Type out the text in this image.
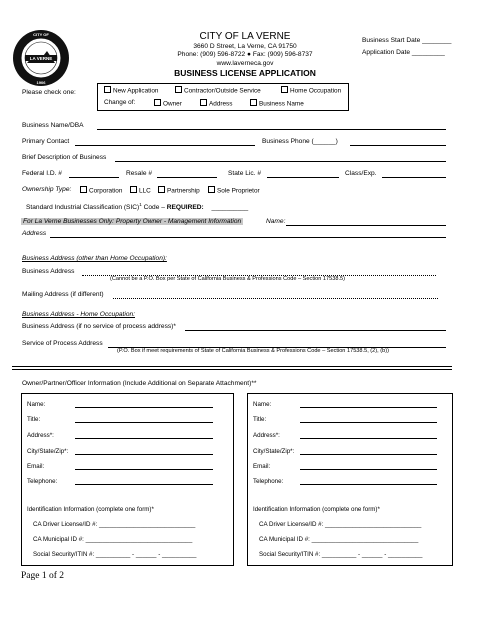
LA VERNE
CITY OF
1906
CITY OF LA VERNE
3660 D Street, La Verne, CA 91750
Phone: (909) 596-8722 ● Fax: (909) 596-8737
www.lavernecа.gov
BUSINESS LICENSE APPLICATION
Business Start Date ________
Application Date _________
Please check one:	New Application	Contractor/Outside Service	Home Occupation
Change of:	Owner	Address	Business Name
Business Name/DBA
Primary Contact	Business Phone (______)
Brief Description of Business
Federal I.D. #	Resale #	State Lic. #	Class/Exp.
Ownership Type:	Corporation	LLC	Partnership	Sole Proprietor
Standard Industrial Classification (SIC)$^1$ Code – REQUIRED: __________
For La Verne Businesses Only: Property Owner - Management Information	Name:
Address
Business Address (other than Home Occupation):
Business Address
(Cannot be a P.O. Box per State of California Business & Professions Code – Section 17538.5)
Mailing Address (if different)
Business Address - Home Occupation:
Business Address (if no service of process address)*
Service of Process Address
(P.O. Box if meet requirements of State of California Business & Professions Code – Section 17538.5, (2), (b))
Owner/Partner/Officer Information (Include Additional on Separate Attachment)**
Name:
Title:
Address*:
City/State/Zip*:
Email:
Telephone:
Identification Information (complete one form)*
CA Driver License/ID #: ____________________________
CA Municipal ID #: _______________________________
Social Security/ITIN #: __________ - ______ - __________
Name:
Title:
Address*:
City/State/Zip*:
Email:
Telephone:
Identification Information (complete one form)*
CA Driver License/ID #: ____________________________
CA Municipal ID #: _______________________________
Social Security/ITIN #: __________ - ______ - __________
Page 1 of 2
